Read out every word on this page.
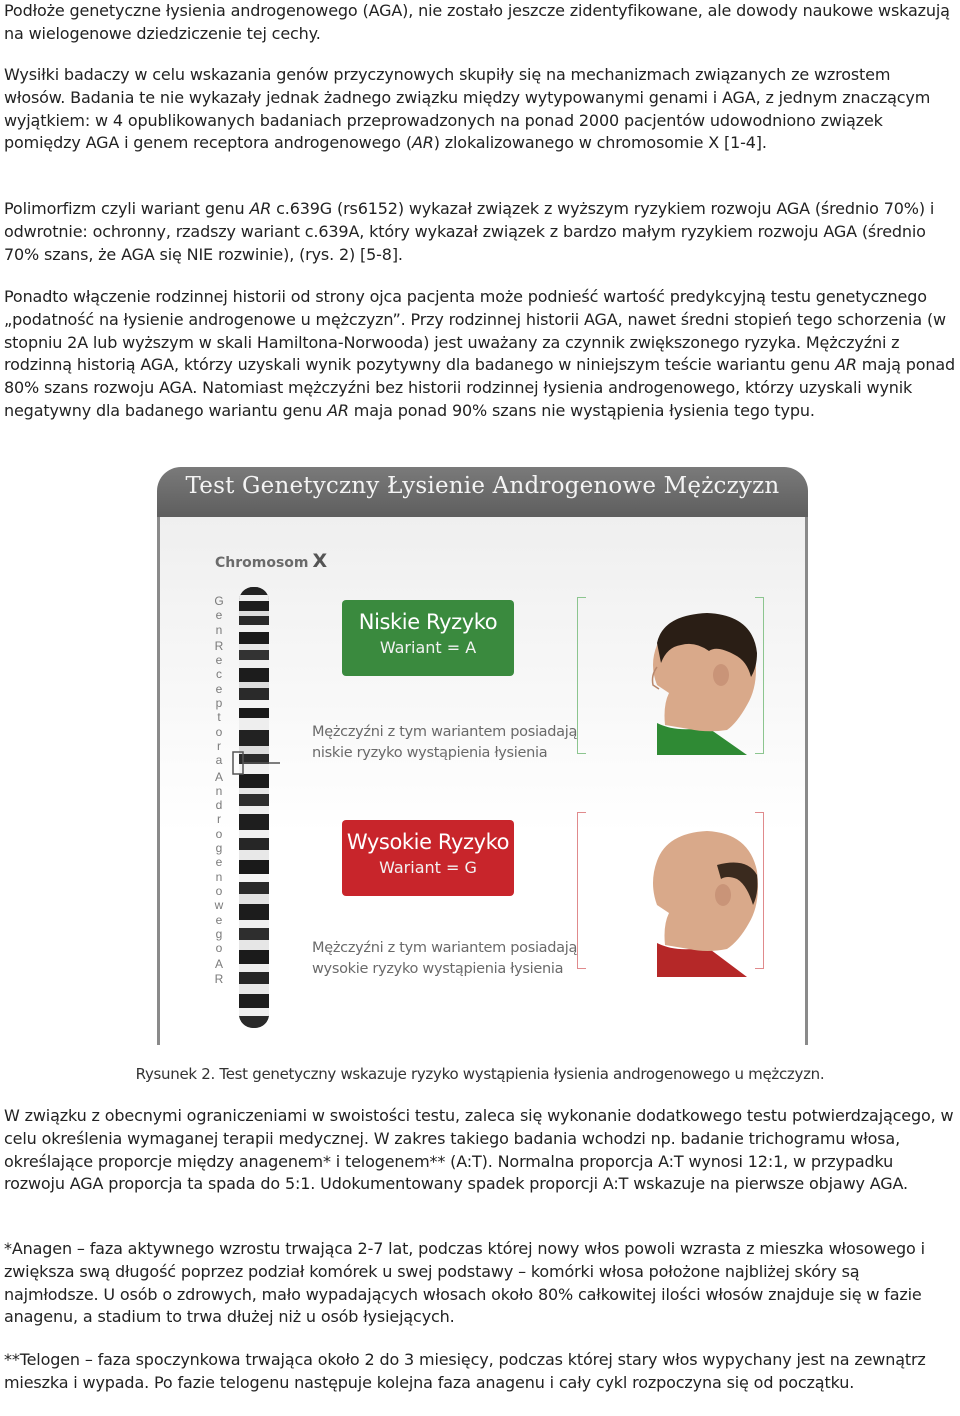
Podłoże genetyczne łysienia androgenowego (AGA), nie zostało jeszcze zidentyfikowane, ale dowody naukowe wskazują na wielogenowe dziedziczenie tej cechy.
Wysiłki badaczy w celu wskazania genów przyczynowych skupiły się na mechanizmach związanych ze wzrostem włosów. Badania te nie wykazały jednak żadnego związku między wytypowanymi genami i AGA, z jednym znaczącym wyjątkiem: w 4 opublikowanych badaniach przeprowadzonych na ponad 2000 pacjentów udowodniono związek pomiędzy AGA i genem receptora androgenowego (AR) zlokalizowanego w chromosomie X [1-4].
Polimorfizm czyli wariant genu AR c.639G (rs6152) wykazał związek z wyższym ryzykiem rozwoju AGA (średnio 70%) i odwrotnie: ochronny, rzadszy wariant c.639A, który wykazał związek z bardzo małym ryzykiem rozwoju AGA (średnio 70% szans, że AGA się NIE rozwinie), (rys. 2) [5-8].
Ponadto włączenie rodzinnej historii od strony ojca pacjenta może podnieść wartość predykcyjną testu genetycznego „podatność na łysienie androgenowe u mężczyzn”. Przy rodzinnej historii AGA, nawet średni stopień tego schorzenia (w stopniu 2A lub wyższym w skali Hamiltona-Norwooda) jest uważany za czynnik zwiększonego ryzyka. Mężczyźni z rodzinną historią AGA, którzy uzyskali wynik pozytywny dla badanego w niniejszym teście wariantu genu AR mają ponad 80% szans rozwoju AGA. Natomiast mężczyźni bez historii rodzinnej łysienia androgenowego, którzy uzyskali wynik negatywny dla badanego wariantu genu AR maja ponad 90% szans nie wystąpienia łysienia tego typu.
Test Genetyczny Łysienie Androgenowe Mężczyzn
Chromosom X
G
e
n
R
e
c
e
p
t
o
r
a
A
n
d
r
o
g
e
n
o
w
e
g
o
A
R
Niskie Ryzyko
Wariant = A
Mężczyźni z tym wariantem posiadają
niskie ryzyko wystąpienia łysienia
Wysokie Ryzyko
Wariant = G
Mężczyźni z tym wariantem posiadają
wysokie ryzyko wystąpienia łysienia
Rysunek 2. Test genetyczny wskazuje ryzyko wystąpienia łysienia androgenowego u mężczyzn.
W związku z obecnymi ograniczeniami w swoistości testu, zaleca się wykonanie dodatkowego testu potwierdzającego, w celu określenia wymaganej terapii medycznej. W zakres takiego badania wchodzi np. badanie trichogramu włosa, określające proporcje między anagenem* i telogenem** (A:T). Normalna proporcja A:T wynosi 12:1, w przypadku rozwoju AGA proporcja ta spada do 5:1. Udokumentowany spadek proporcji A:T wskazuje na pierwsze objawy AGA.
*Anagen – faza aktywnego wzrostu trwająca 2-7 lat, podczas której nowy włos powoli wzrasta z mieszka włosowego i zwiększa swą długość poprzez podział komórek u swej podstawy – komórki włosa położone najbliżej skóry są najmłodsze. U osób o zdrowych, mało wypadających włosach około 80% całkowitej ilości włosów znajduje się w fazie anagenu, a stadium to trwa dłużej niż u osób łysiejących.
**Telogen – faza spoczynkowa trwająca około 2 do 3 miesięcy, podczas której stary włos wypychany jest na zewnątrz mieszka i wypada. Po fazie telogenu następuje kolejna faza anagenu i cały cykl rozpoczyna się od początku.
